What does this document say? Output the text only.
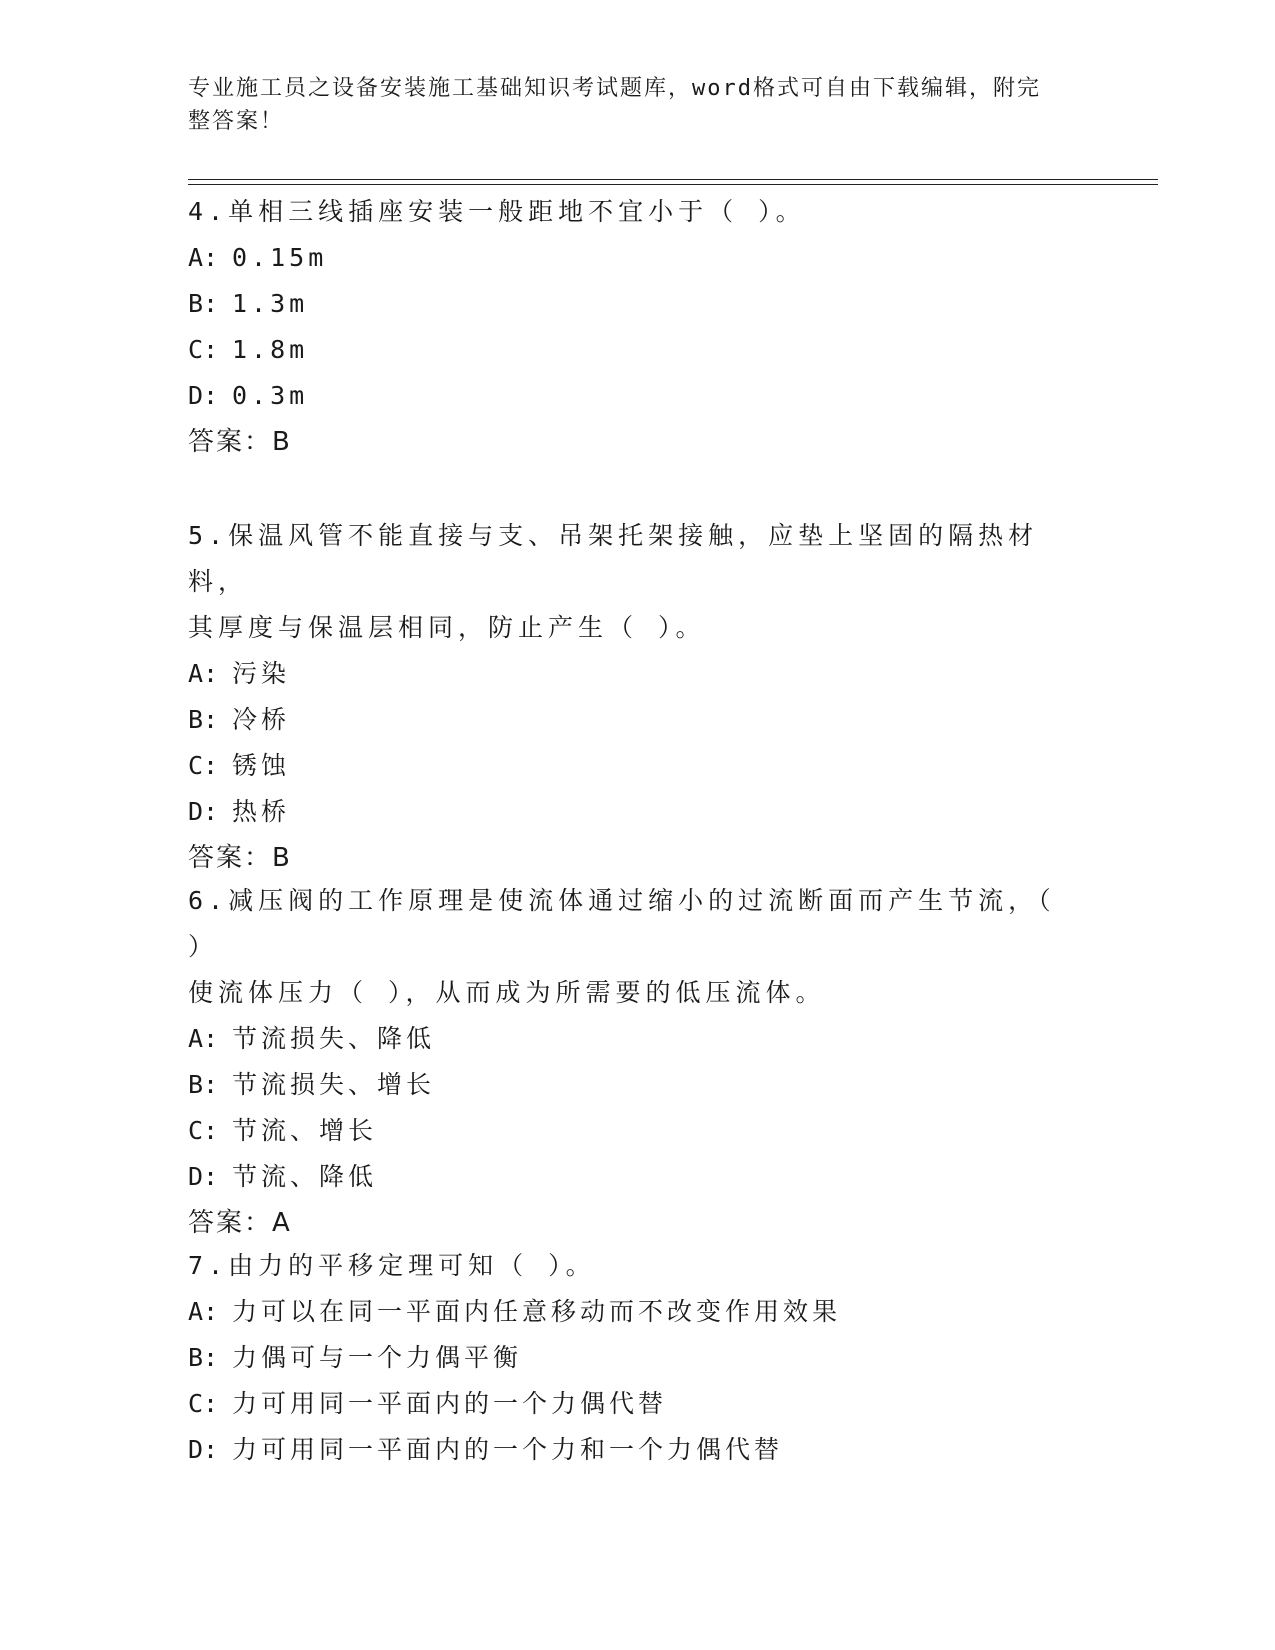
专业施工员之设备安装施工基础知识考试题库，word格式可自由下载编辑，附完
整答案！

4.单相三线插座安装一般距地不宜小于（ ）。

A: 0.15m
B: 1.3m
C: 1.8m
D: 0.3m
答案：B

5.保温风管不能直接与支、吊架托架接触，应垫上坚固的隔热材料，

其厚度与保温层相同，防止产生（ ）。

A: 污染
B: 冷桥
C: 锈蚀
D: 热桥
答案：B

6.减压阀的工作原理是使流体通过缩小的过流断面而产生节流，（ ）

使流体压力（ ），从而成为所需要的低压流体。

A: 节流损失、降低
B: 节流损失、增长
C: 节流、增长
D: 节流、降低
答案：A

7.由力的平移定理可知（ ）。

A: 力可以在同一平面内任意移动而不改变作用效果
B: 力偶可与一个力偶平衡
C: 力可用同一平面内的一个力偶代替
D: 力可用同一平面内的一个力和一个力偶代替
